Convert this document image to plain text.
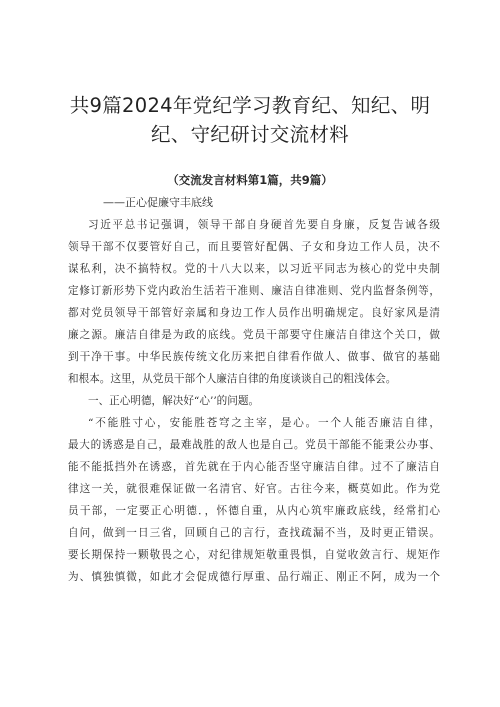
共9篇2024年党纪学习教育纪、知纪、明
纪、守纪研讨交流材料
（交流发言材料第1篇，共9篇）
——正心促廉守丰底线
习近平总书记强调，领导干部自身硬首先要自身廉，反复告诫各级
领导干部不仅要管好自己，而且要管好配偶、子女和身边工作人员，决不
谋私利，决不搞特权。党的十八大以来，以习近平同志为核心的党中央制
定修订新形势下党内政治生活若干准则、廉洁自律准则、党内监督条例等，
都对党员领导干部管好亲属和身边工作人员作出明确规定。良好家风是清
廉之源。廉洁自律是为政的底线。党员干部要守住廉洁自律这个关口，做
到干净干事。中华民族传统文化历来把自律看作做人、做事、做官的基础
和根本。这里，从党员干部个人廉洁自律的角度谈谈自己的粗浅体会。
一、正心明德，解决好“心’’的问题。
“不能胜寸心，安能胜苍穹之主宰，是心。一个人能否廉洁自律，
最大的诱惑是自己，最难战胜的敌人也是自己。党员干部能不能秉公办事、
能不能抵挡外在诱惑，首先就在于内心能否坚守廉洁自律。过不了廉洁自
律这一关，就很难保证做一名清官、好官。古往今来，概莫如此。作为党
员干部，一定要正心明德．，怀德自重，从内心筑牢廉政底线，经常扪心
自问，做到一日三省，回顾自己的言行，查找疏漏不当，及时更正错误。
要长期保持一颗敬畏之心，对纪律规矩敬重畏惧，自觉收敛言行、规矩作
为、慎独慎微，如此才会促成德行厚重、品行端正、刚正不阿，成为一个
